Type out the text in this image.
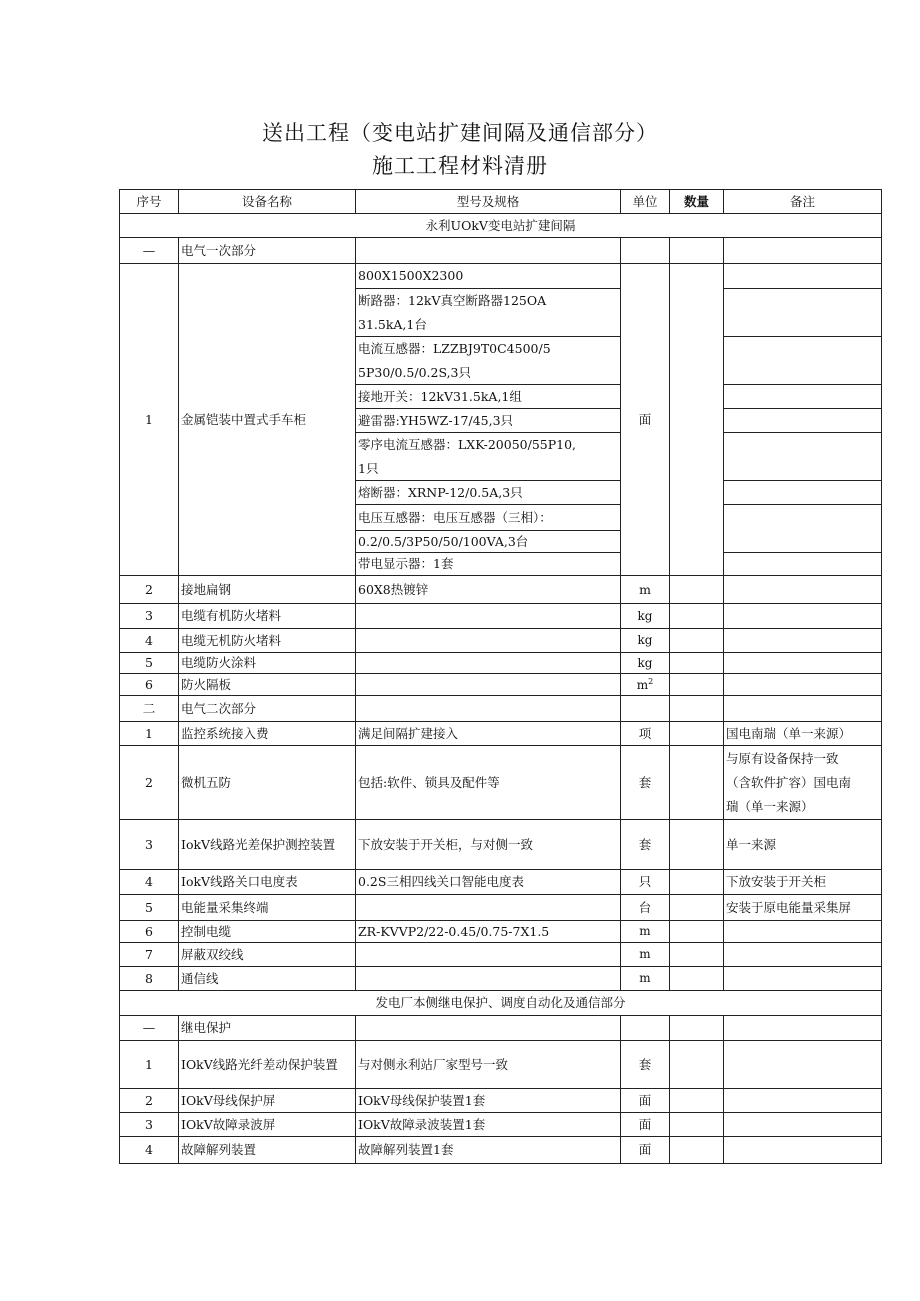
送出工程（变电站扩建间隔及通信部分）
施工工程材料清册
序号	设备名称	型号及规格	单位	数量	备注
永利UOkV变电站扩建间隔					
—	电气一次部分				
1	金属铠装中置式手车柜	800X1500X2300	面		

		断路器：12kV真空断路器125OA
31.5kA,1台			

		电流互感器：LZZBJ9T0C4500/5
5P30/0.5/0.2S,3只			

		接地开关：12kV31.5kA,1组			
		避雷器:YH5WZ-17/45,3只			

		零序电流互感器：LXK-20050/55P10,
1只			

		熔断器：XRNP-12/0.5A,3只			
		电压互感器：电压互感器（三相）：			
		0.2/0.5/3P50/50/100VA,3台			
		带电显示器：1套			
2	接地扁钢	60X8热镀锌	m		
3	电缆有机防火堵料		kg		
4	电缆无机防火堵料		kg		
5	电缆防火涂料		kg		
6	防火隔板		$m^2$		
二	电气二次部分				
1	监控系统接入费	满足间隔扩建接入	项		国电南瑞（单一来源）
2	微机五防	包括:软件、锁具及配件等	套		与原有设备保持一致
（含软件扩容）国电南
瑞（单一来源）

3	IokV线路光差保护测控装置	下放安装于开关柜，与对侧一致	套		单一来源
4	IokV线路关口电度表	0.2S三相四线关口智能电度表	只		下放安装于开关柜
5	电能量采集终端		台		安装于原电能量采集屏
6	控制电缆	ZR-KVVP2/22-0.45/0.75-7X1.5	m		
7	屏蔽双绞线		m		
8	通信线		m		
发电厂本侧继电保护、调度自动化及通信部分					
—	继电保护				
1	IOkV线路光纤差动保护装置	与对侧永利站厂家型号一致	套		
2	IOkV母线保护屏	IOkV母线保护装置1套	面		
3	IOkV故障录波屏	IOkV故障录波装置1套	面		
4	故障解列装置	故障解列装置1套	面		
